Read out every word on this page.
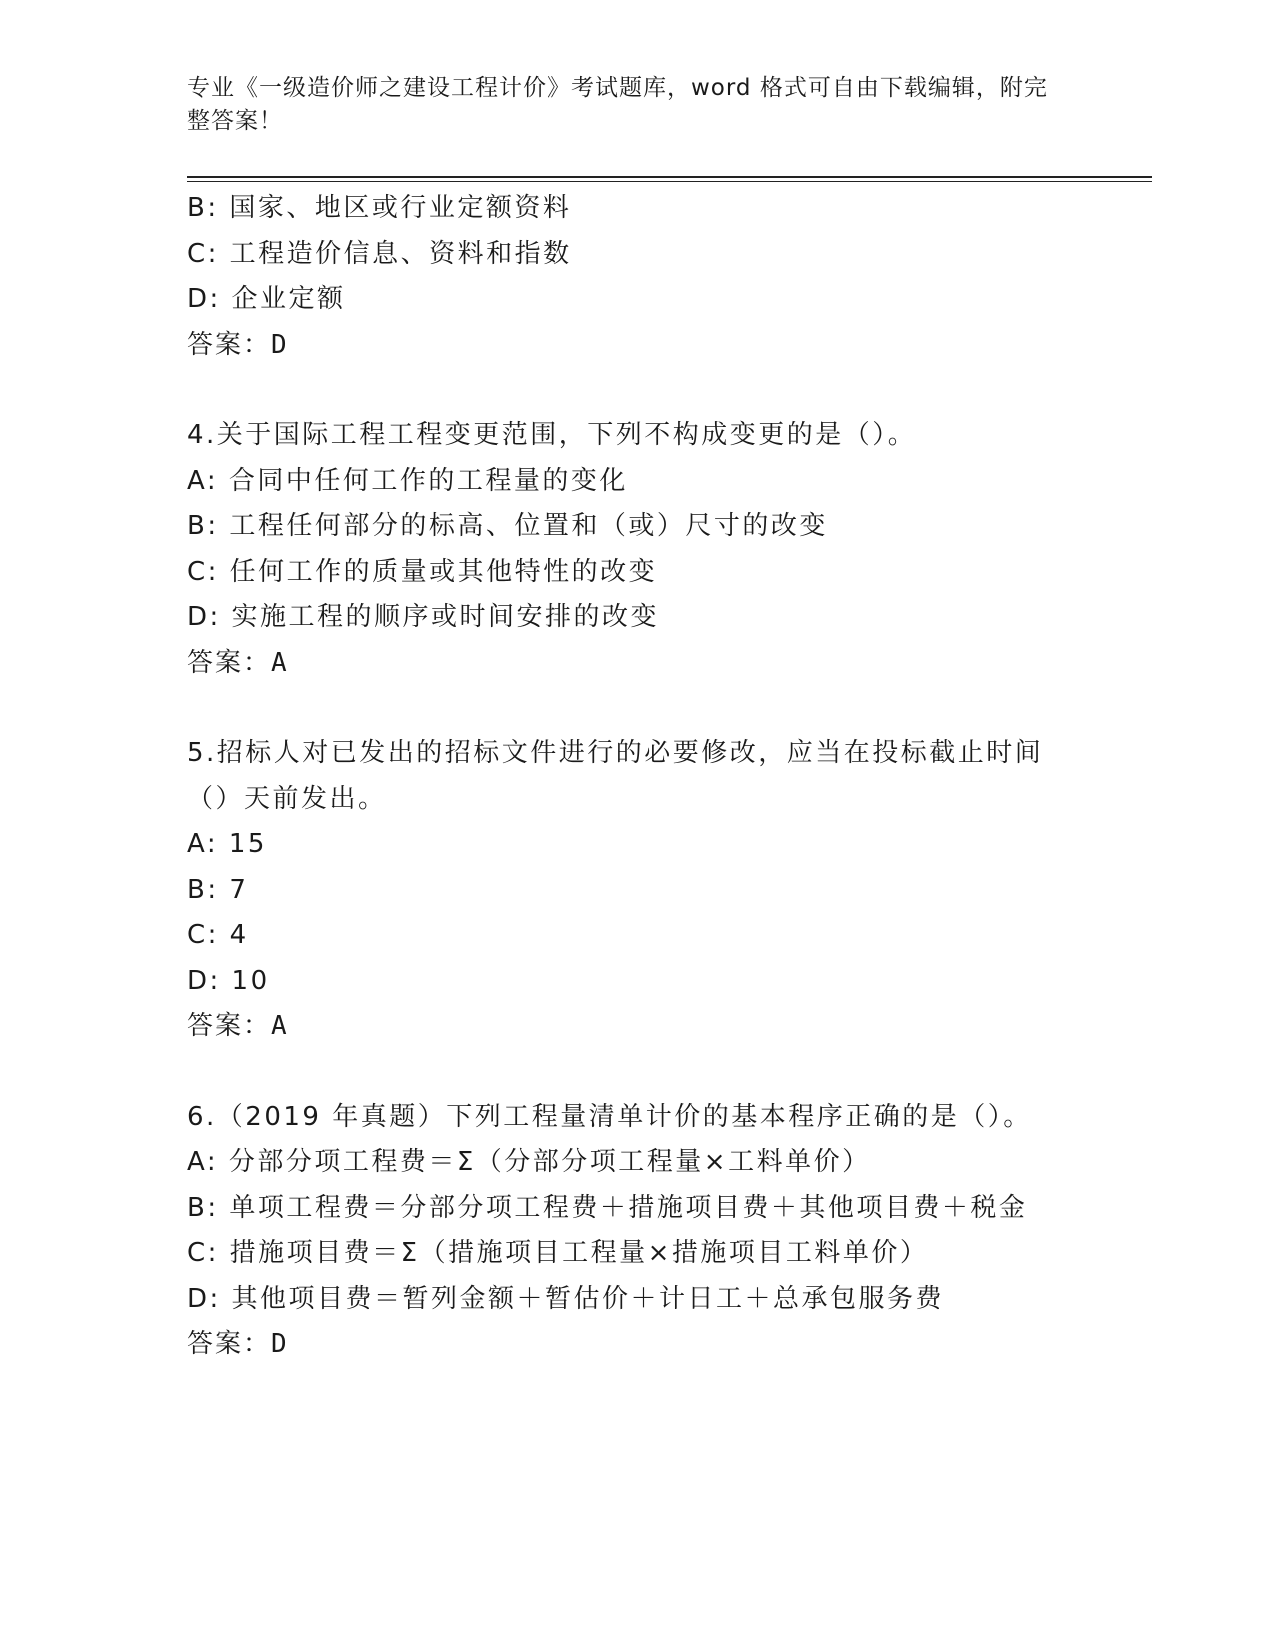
专业《一级造价师之建设工程计价》考试题库，word 格式可自由下载编辑，附完
整答案！
B: 国家、地区或行业定额资料
C: 工程造价信息、资料和指数
D: 企业定额
答案：D
4.关于国际工程工程变更范围，下列不构成变更的是（）。
A: 合同中任何工作的工程量的变化
B: 工程任何部分的标高、位置和（或）尺寸的改变
C: 任何工作的质量或其他特性的改变
D: 实施工程的顺序或时间安排的改变
答案：A
5.招标人对已发出的招标文件进行的必要修改，应当在投标截止时间
（）天前发出。
A: 15
B: 7
C: 4
D: 10
答案：A
6.（2019 年真题）下列工程量清单计价的基本程序正确的是（）。
A: 分部分项工程费＝Σ（分部分项工程量×工料单价）
B: 单项工程费＝分部分项工程费＋措施项目费＋其他项目费＋税金
C: 措施项目费＝Σ（措施项目工程量×措施项目工料单价）
D: 其他项目费＝暂列金额＋暂估价＋计日工＋总承包服务费
答案：D
